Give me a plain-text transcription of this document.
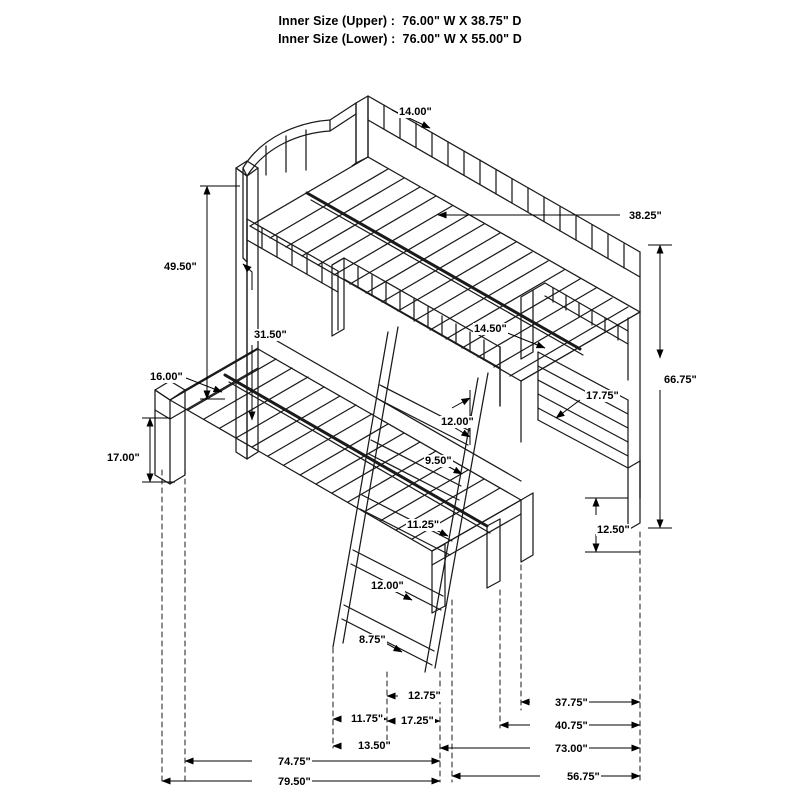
Inner Size (Upper) :  76.00" W X 38.75" D
Inner Size (Lower) :  76.00" W X 55.00" D
14.00"
38.25"
49.50"
31.50"	14.50"
16.00"	66.75"
17.75"
12.00"
17.00"	9.50"
11.25"	12.50"
12.00"
8.75"
12.75"
37.75"
11.75" 17.25"	40.75"
13.50"	73.00"
74.75"
56.75"
79.50"
